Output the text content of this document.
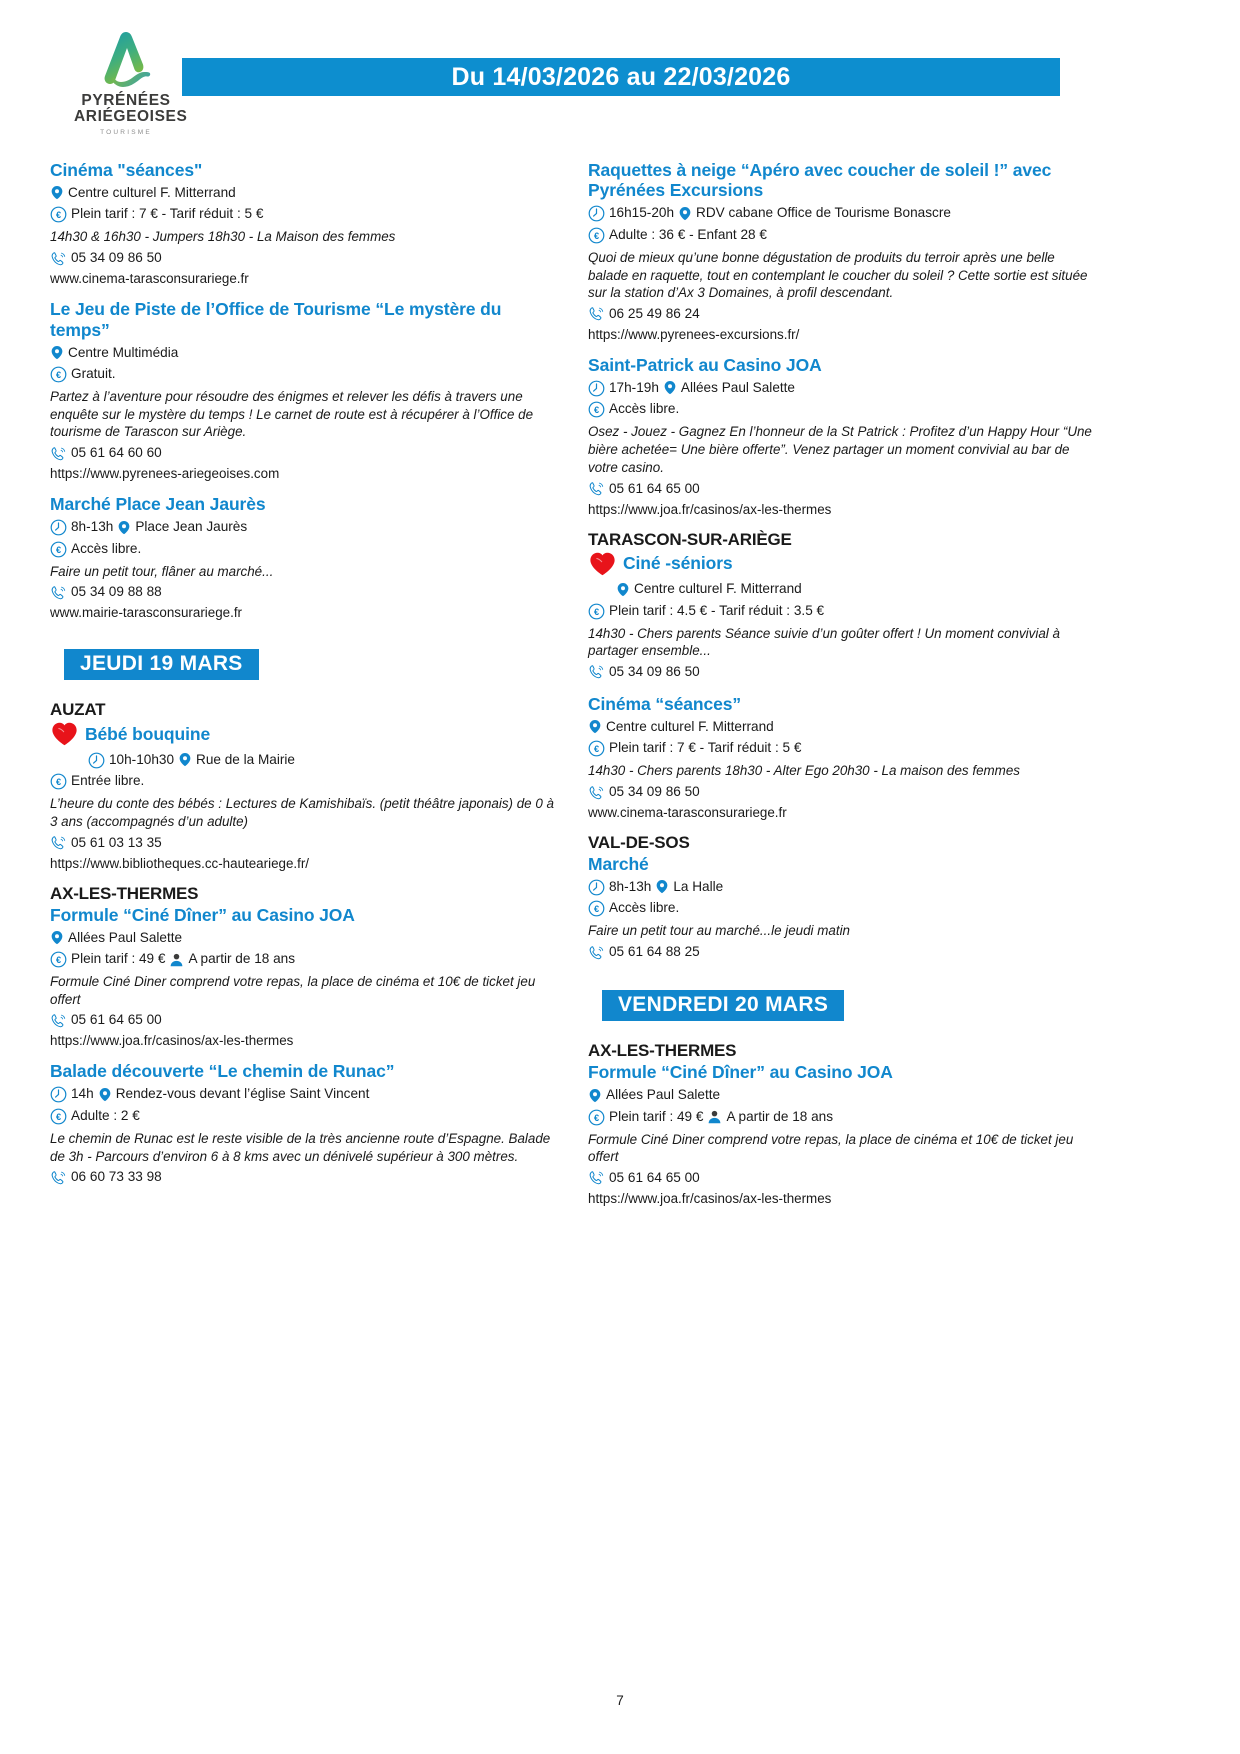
PYRÉNÉES
ARIÉGEOISES
TOURISME
Du 14/03/2026 au 22/03/2026
Cinéma "séances"
Centre culturel F. Mitterrand
€ Plein tarif : 7 € - Tarif réduit : 5 €
14h30 & 16h30 - Jumpers 18h30 - La Maison des femmes
05 34 09 86 50
www.cinema-tarasconsurariege.fr
Le Jeu de Piste de l’Office de Tourisme “Le mystère du temps”
Centre Multimédia
€ Gratuit.
Partez à l’aventure pour résoudre des énigmes et relever les défis à travers une enquête sur le mystère du temps ! Le carnet de route est à récupérer à l’Office de tourisme de Tarascon sur Ariège.
05 61 64 60 60
https://www.pyrenees-ariegeoises.com
Marché Place Jean Jaurès
8h-13h Place Jean Jaurès
€ Accès libre.
Faire un petit tour, flâner au marché...
05 34 09 88 88
www.mairie-tarasconsurariege.fr
JEUDI 19 MARS
AUZAT
Bébé bouquine
10h-10h30 Rue de la Mairie
€ Entrée libre.
L’heure du conte des bébés : Lectures de Kamishibaïs. (petit théâtre japonais) de 0 à 3 ans (accompagnés d’un adulte)
05 61 03 13 35
https://www.bibliotheques.cc-hauteariege.fr/
AX-LES-THERMES
Formule “Ciné Dîner” au Casino JOA
Allées Paul Salette
€ Plein tarif : 49 € A partir de 18 ans
Formule Ciné Diner comprend votre repas, la place de cinéma et 10€ de ticket jeu offert
05 61 64 65 00
https://www.joa.fr/casinos/ax-les-thermes
Balade découverte “Le chemin de Runac”
14h Rendez-vous devant l’église Saint Vincent
€ Adulte : 2 €
Le chemin de Runac est le reste visible de la très ancienne route d’Espagne. Balade de 3h - Parcours d’environ 6 à 8 kms avec un dénivelé supérieur à 300 mètres.
06 60 73 33 98
Raquettes à neige “Apéro avec coucher de soleil !” avec Pyrénées Excursions
16h15-20h RDV cabane Office de Tourisme Bonascre
€ Adulte : 36 € - Enfant 28 €
Quoi de mieux qu’une bonne dégustation de produits du terroir après une belle balade en raquette, tout en contemplant le coucher du soleil ? Cette sortie est située sur la station d’Ax 3 Domaines, à profil descendant.
06 25 49 86 24
https://www.pyrenees-excursions.fr/
Saint-Patrick au Casino JOA
17h-19h Allées Paul Salette
€ Accès libre.
Osez - Jouez - Gagnez En l’honneur de la St Patrick : Profitez d’un Happy Hour “Une bière achetée= Une bière offerte”. Venez partager un moment convivial au bar de votre casino.
05 61 64 65 00
https://www.joa.fr/casinos/ax-les-thermes
TARASCON-SUR-ARIÈGE
Ciné -séniors
Centre culturel F. Mitterrand
€ Plein tarif : 4.5 € - Tarif réduit : 3.5 €
14h30 - Chers parents Séance suivie d’un goûter offert ! Un moment convivial à partager ensemble...
05 34 09 86 50
Cinéma “séances”
Centre culturel F. Mitterrand
€ Plein tarif : 7 € - Tarif réduit : 5 €
14h30 - Chers parents 18h30 - Alter Ego 20h30 - La maison des femmes
05 34 09 86 50
www.cinema-tarasconsurariege.fr
VAL-DE-SOS
Marché
8h-13h La Halle
€ Accès libre.
Faire un petit tour au marché...le jeudi matin
05 61 64 88 25
VENDREDI 20 MARS
AX-LES-THERMES
Formule “Ciné Dîner” au Casino JOA
Allées Paul Salette
€ Plein tarif : 49 € A partir de 18 ans
Formule Ciné Diner comprend votre repas, la place de cinéma et 10€ de ticket jeu offert
05 61 64 65 00
https://www.joa.fr/casinos/ax-les-thermes
7
